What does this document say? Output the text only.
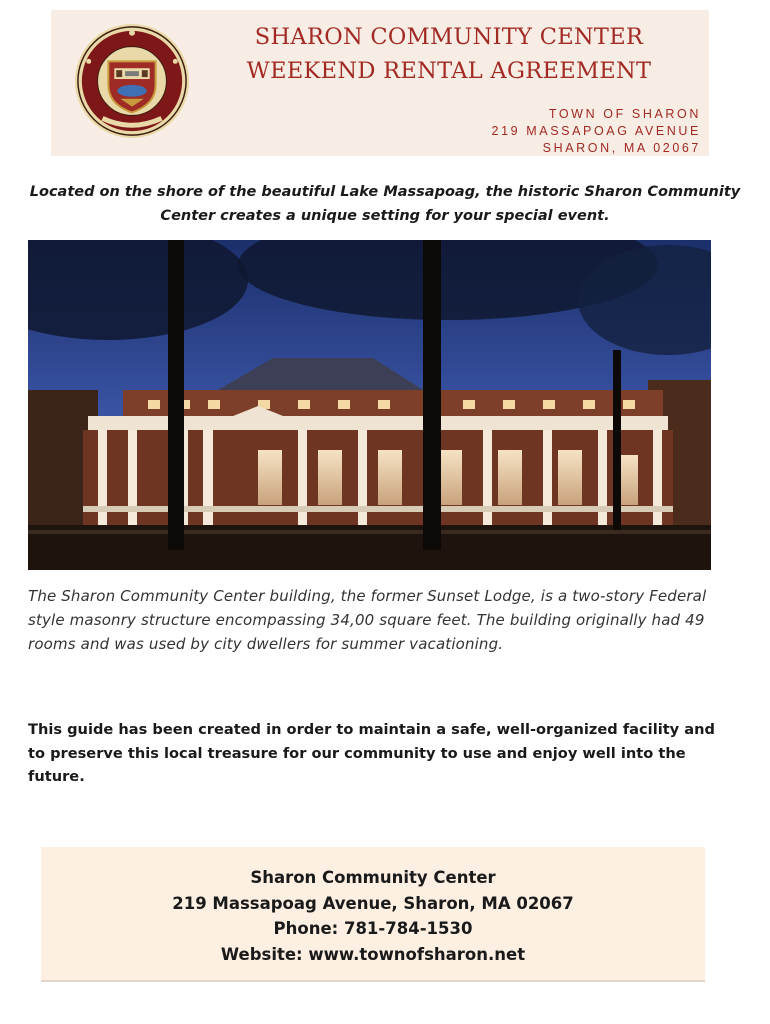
SHARON COMMUNITY CENTER
WEEKEND RENTAL AGREEMENT
TOWN OF SHARON
219 MASSAPOAG AVENUE
SHARON, MA 02067
Located on the shore of the beautiful Lake Massapoag, the historic Sharon Community Center creates a unique setting for your special event.
The Sharon Community Center building, the former Sunset Lodge, is a two-story Federal style masonry structure encompassing 34,00 square feet. The building originally had 49 rooms and was used by city dwellers for summer vacationing.
This guide has been created in order to maintain a safe, well-organized facility and to preserve this local treasure for our community to use and enjoy well into the future.
Sharon Community Center
219 Massapoag Avenue, Sharon, MA 02067
Phone: 781-784-1530
Website: www.townofsharon.net
